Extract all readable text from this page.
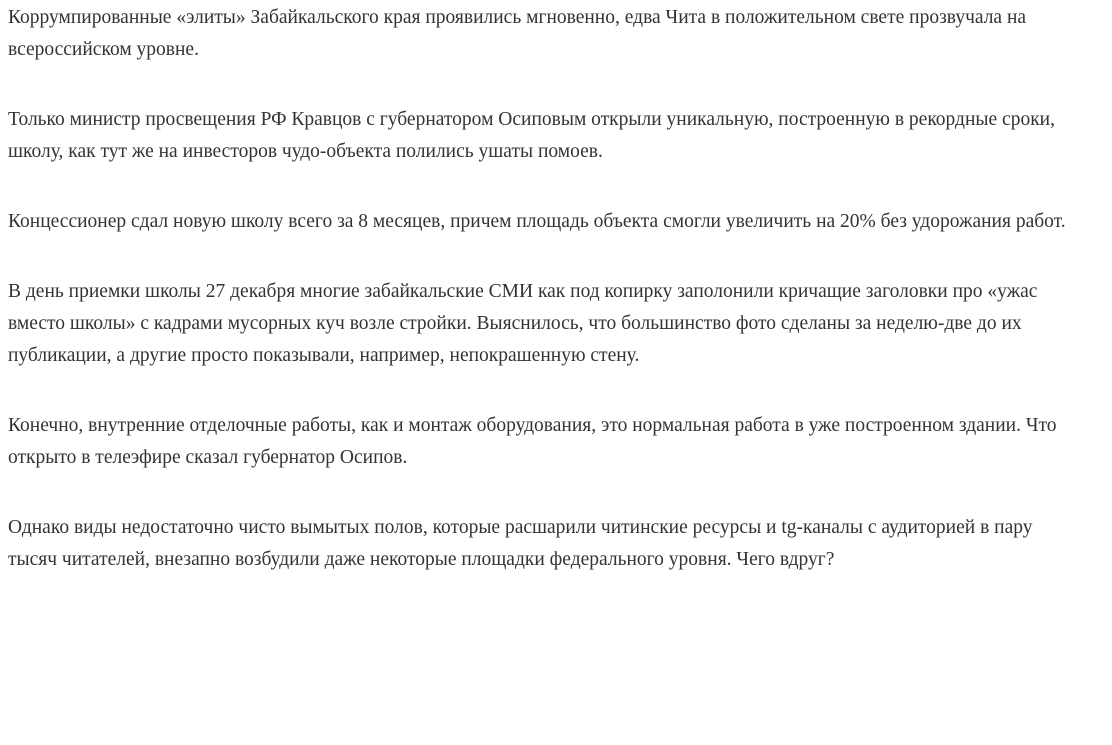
Коррумпированные «элиты» Забайкальского края проявились мгновенно, едва Чита в положительном свете прозвучала на всероссийском уровне.

Только министр просвещения РФ Кравцов с губернатором Осиповым открыли уникальную, построенную в рекордные сроки, школу, как тут же на инвесторов чудо-объекта полились ушаты помоев.

Концессионер сдал новую школу всего за 8 месяцев, причем площадь объекта смогли увеличить на 20% без удорожания работ.

В день приемки школы 27 декабря многие забайкальские СМИ как под копирку заполонили кричащие заголовки про «ужас вместо школы» с кадрами мусорных куч возле стройки. Выяснилось, что большинство фото сделаны за неделю-две до их публикации, а другие просто показывали, например, непокрашенную стену.

Конечно, внутренние отделочные работы, как и монтаж оборудования, это нормальная работа в уже построенном здании. Что открыто в телеэфире сказал губернатор Осипов.

Однако виды недостаточно чисто вымытых полов, которые расшарили читинские ресурсы и tg-каналы с аудиторией в пару тысяч читателей, внезапно возбудили даже некоторые площадки федерального уровня. Чего вдруг?
